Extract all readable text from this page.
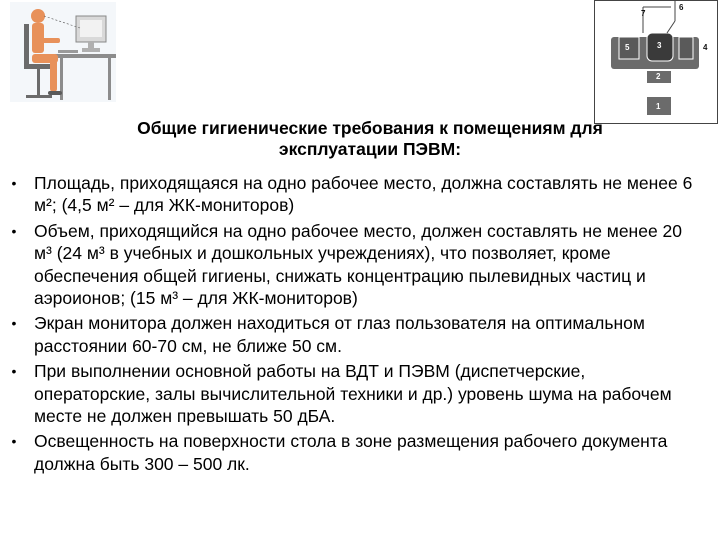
7
6
5	3	4
2
1
Общие гигиенические требования к помещениям для
эксплуатации ПЭВМ:
•	Площадь, приходящаяся на одно рабочее место, должна составлять не менее 6 м²; (4,5 м² – для ЖК-мониторов)
•	Объем, приходящийся на одно рабочее место, должен составлять не менее 20 м³ (24 м³ в учебных и дошкольных учреждениях), что позволяет, кроме обеспечения общей гигиены, снижать концентрацию пылевидных частиц и аэроионов; (15 м³ – для ЖК-мониторов)
•	Экран монитора должен находиться от глаз пользователя на оптимальном расстоянии 60-70 см, не ближе 50 см.
•	При выполнении основной работы на ВДТ и ПЭВМ (диспетчерские, операторские, залы вычислительной техники и др.) уровень шума на рабочем месте не должен превышать 50 дБА.
•	Освещенность на поверхности стола в зоне размещения рабочего документа должна быть 300 – 500 лк.
